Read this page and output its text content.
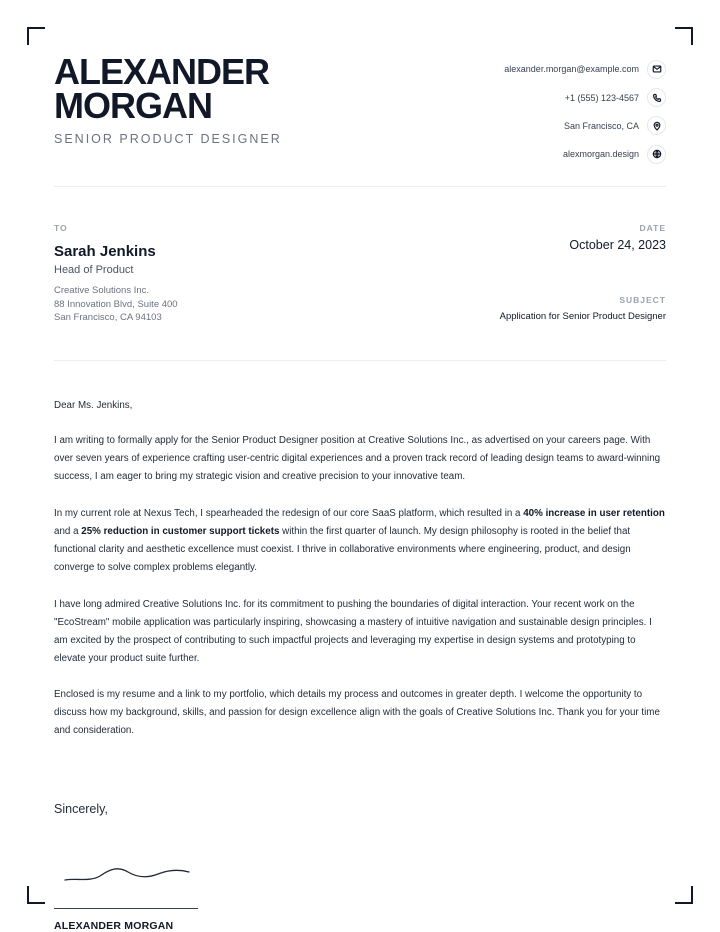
ALEXANDER
MORGAN
SENIOR PRODUCT DESIGNER
alexander.morgan@example.com
+1 (555) 123-4567
San Francisco, CA
alexmorgan.design
TO
Sarah Jenkins
Head of Product
Creative Solutions Inc.
88 Innovation Blvd, Suite 400
San Francisco, CA 94103
DATE
October 24, 2023
SUBJECT
Application for Senior Product Designer
Dear Ms. Jenkins,

I am writing to formally apply for the Senior Product Designer position at Creative Solutions Inc., as advertised on your careers page. With over seven years of experience crafting user-centric digital experiences and a proven track record of leading design teams to award-winning success, I am eager to bring my strategic vision and creative precision to your innovative team.

In my current role at Nexus Tech, I spearheaded the redesign of our core SaaS platform, which resulted in a 40% increase in user retention and a 25% reduction in customer support tickets within the first quarter of launch. My design philosophy is rooted in the belief that functional clarity and aesthetic excellence must coexist. I thrive in collaborative environments where engineering, product, and design converge to solve complex problems elegantly.

I have long admired Creative Solutions Inc. for its commitment to pushing the boundaries of digital interaction. Your recent work on the "EcoStream" mobile application was particularly inspiring, showcasing a mastery of intuitive navigation and sustainable design principles. I am excited by the prospect of contributing to such impactful projects and leveraging my expertise in design systems and prototyping to elevate your product suite further.

Enclosed is my resume and a link to my portfolio, which details my process and outcomes in greater depth. I welcome the opportunity to discuss how my background, skills, and passion for design excellence align with the goals of Creative Solutions Inc. Thank you for your time and consideration.

Sincerely,
ALEXANDER MORGAN
